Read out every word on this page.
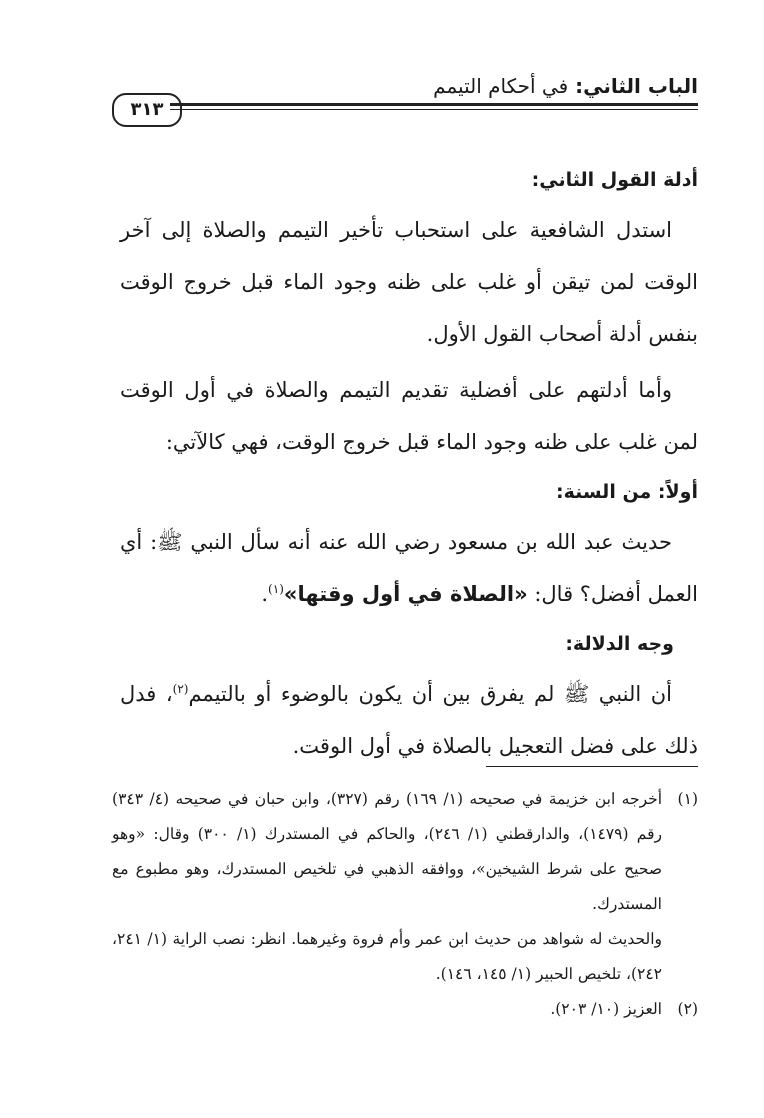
الباب الثاني: في أحكام التيمم
٣١٣

أدلة القول الثاني:

استدل الشافعية على استحباب تأخير التيمم والصلاة إلى آخر الوقت لمن تيقن أو غلب على ظنه وجود الماء قبل خروج الوقت بنفس أدلة أصحاب القول الأول.

وأما أدلتهم على أفضلية تقديم التيمم والصلاة في أول الوقت لمن غلب على ظنه وجود الماء قبل خروج الوقت، فهي كالآتي:

أولاً: من السنة:

حديث عبد الله بن مسعود رضي الله عنه أنه سأل النبي ﷺ: أي العمل أفضل؟ قال: «الصلاة في أول وقتها»$^{(١)}$.

وجه الدلالة:

أن النبي ﷺ لم يفرق بين أن يكون بالوضوء أو بالتيمم$^{(٢)}$، فدل ذلك على فضل التعجيل بالصلاة في أول الوقت.

(١)
أخرجه ابن خزيمة في صحيحه (١/ ١٦٩) رقم (٣٢٧)، وابن حبان في صحيحه (٤/ ٣٤٣) رقم (١٤٧٩)، والدارقطني (١/ ٢٤٦)، والحاكم في المستدرك (١/ ٣٠٠) وقال: «وهو صحيح على شرط الشيخين»، ووافقه الذهبي في تلخيص المستدرك، وهو مطبوع مع المستدرك.

والحديث له شواهد من حديث ابن عمر وأم فروة وغيرهما. انظر: نصب الراية (١/ ٢٤١، ٢٤٢)، تلخيص الحبير (١/ ١٤٥، ١٤٦).

(٢)
العزيز (١٠/ ٢٠٣).
